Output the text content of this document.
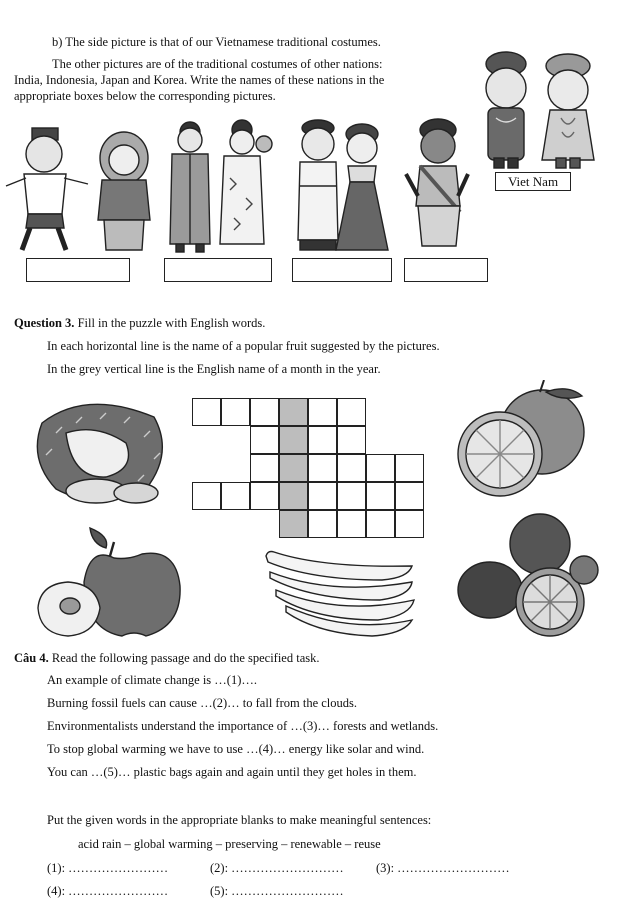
b) The side picture is that of our Vietnamese traditional costumes.
The other pictures are of the traditional costumes of other nations:
India, Indonesia, Japan and Korea. Write the names of these nations in the
appropriate boxes below the corresponding pictures.
Viet Nam
Question 3. Fill in the puzzle with English words.
In each horizontal line is the name of a popular fruit suggested by the pictures.
In the grey vertical line is the English name of a month in the year.
Câu 4. Read the following passage and do the specified task.
An example of climate change is …(1)….
Burning fossil fuels can cause …(2)… to fall from the clouds.
Environmentalists understand the importance of …(3)… forests and wetlands.
To stop global warming we have to use …(4)… energy like solar and wind.
You can …(5)… plastic bags again and again until they get holes in them.
Put the given words in the appropriate blanks to make meaningful sentences:
acid rain – global warming – preserving – renewable – reuse
(1): ……………………	(2): ………………………	(3): ………………………
(4): ……………………	(5): ………………………
